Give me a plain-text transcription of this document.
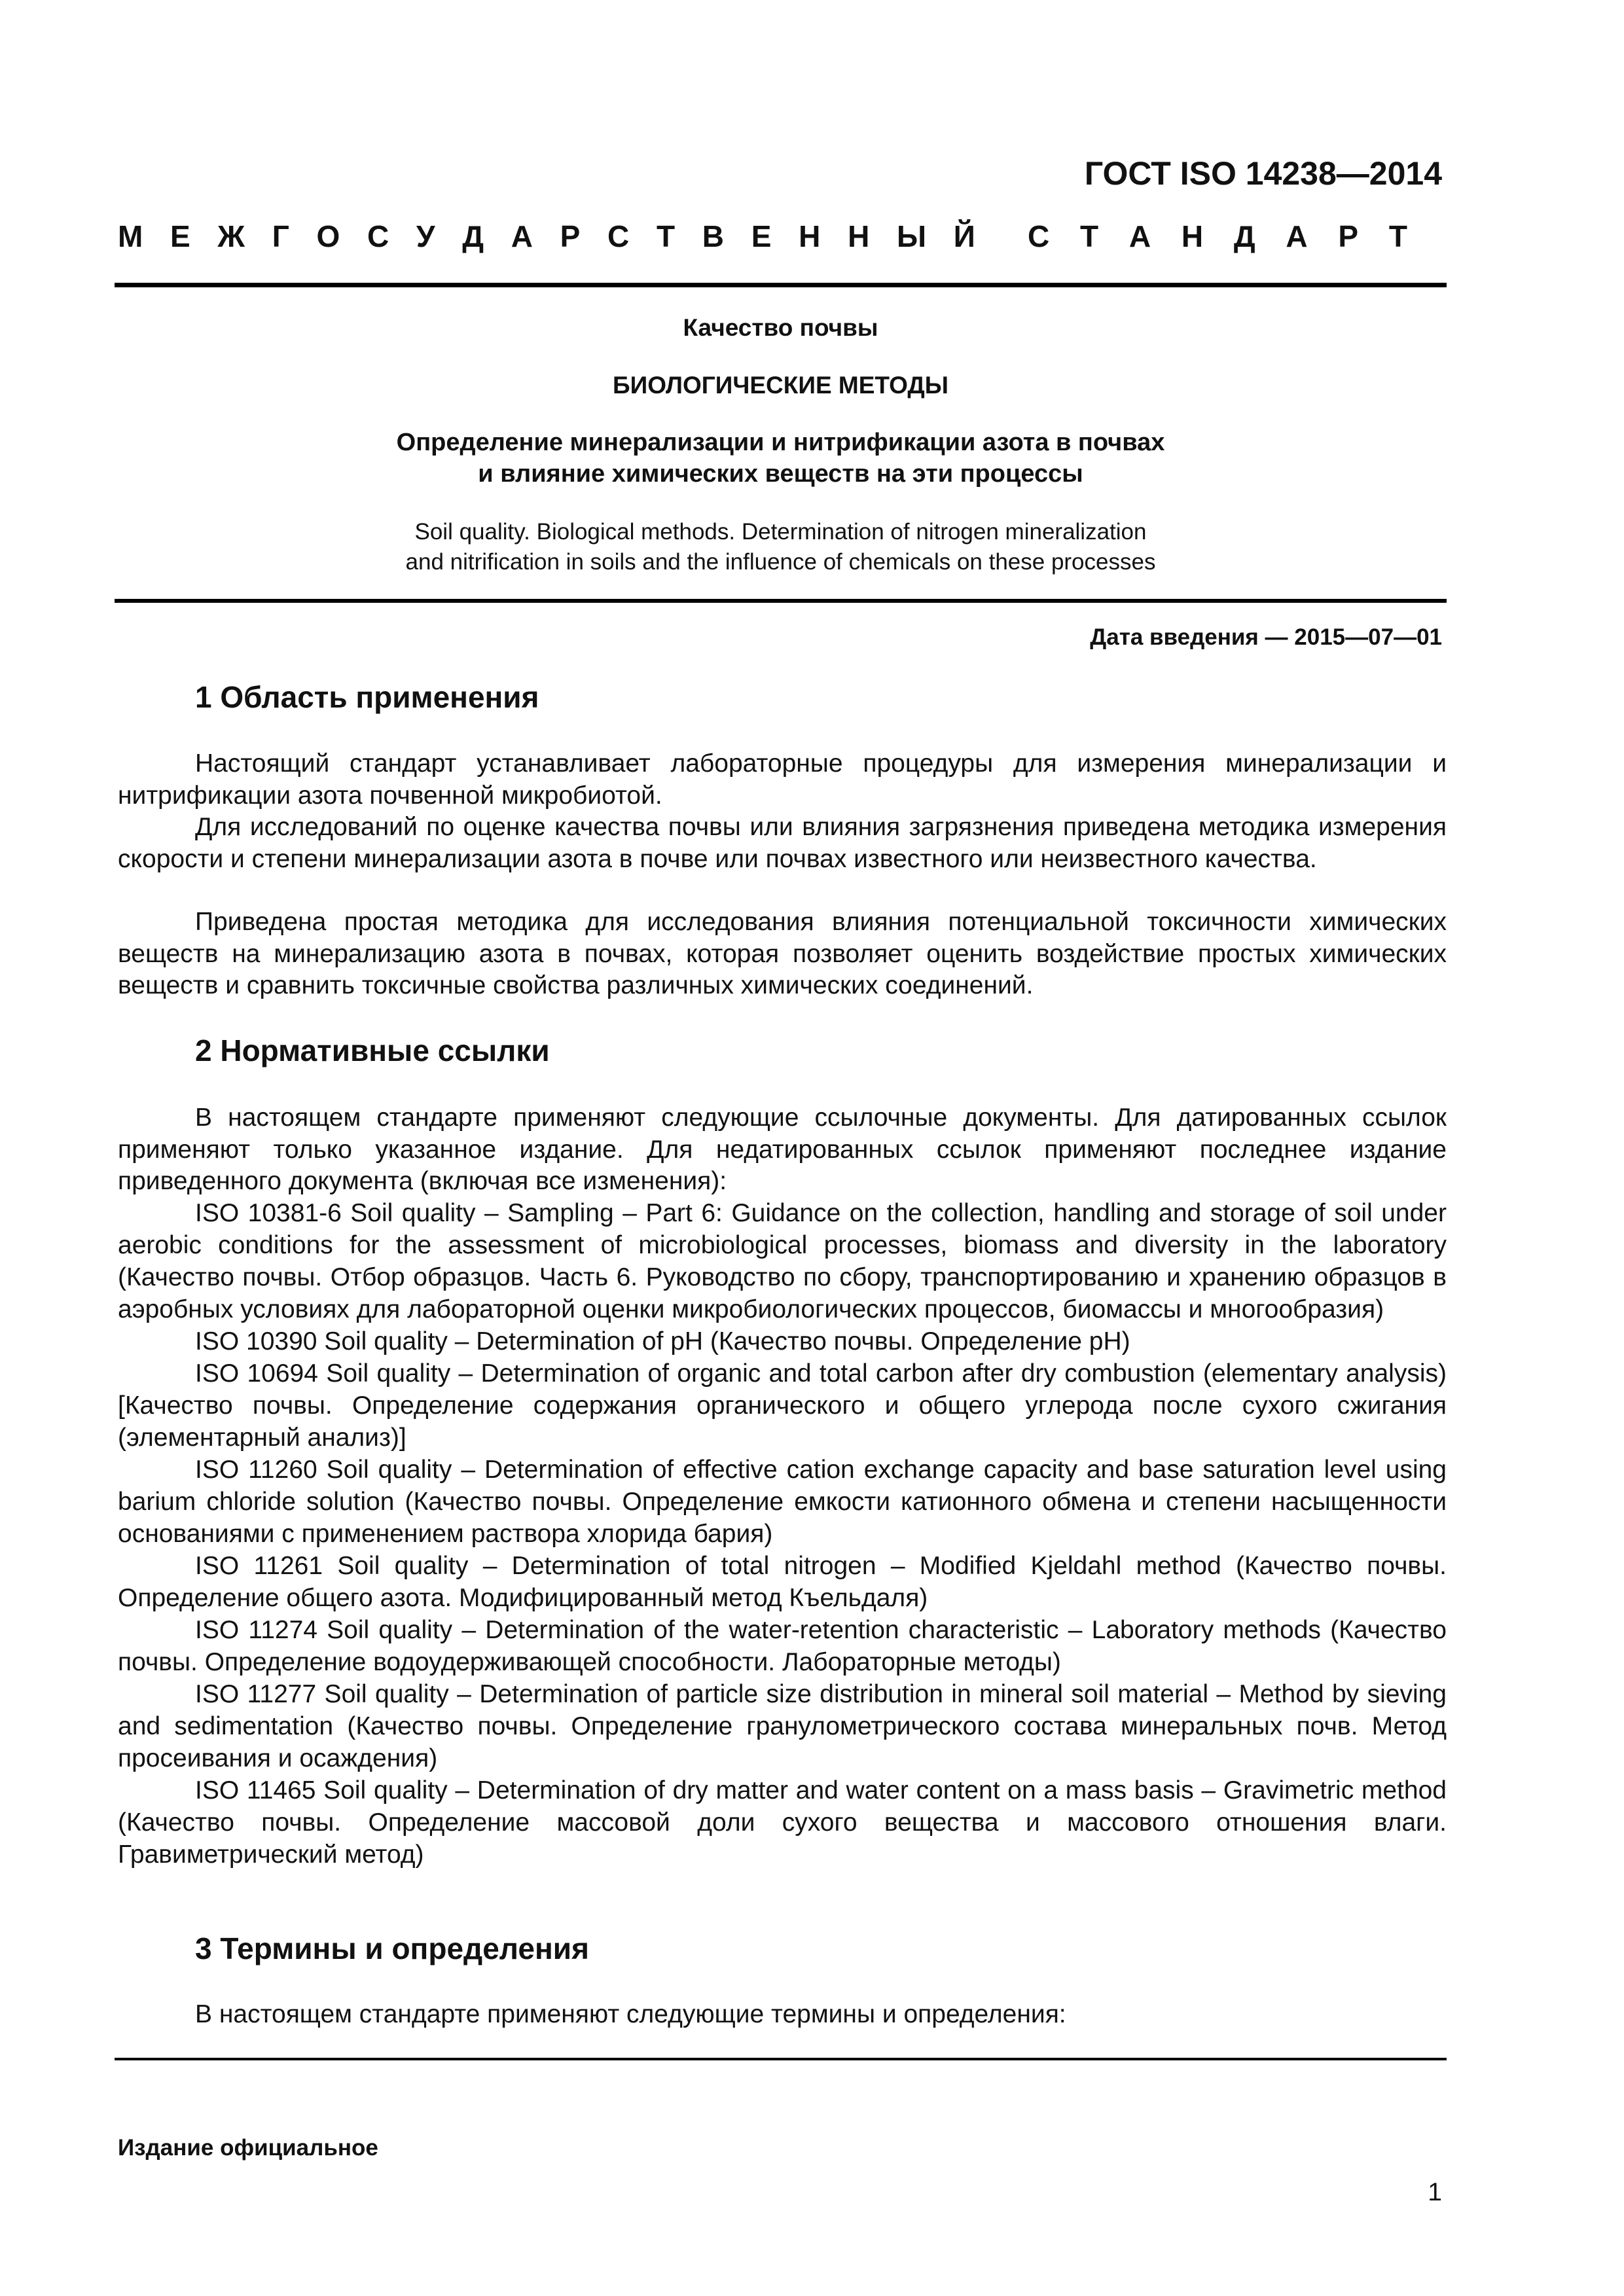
ГОСТ ISO 14238—2014
М Е Ж Г О С У Д А Р С Т В Е Н Н Ы Й С Т А Н Д А Р Т
Качество почвы
БИОЛОГИЧЕСКИЕ МЕТОДЫ
Определение минерализации и нитрификации азота в почвах
и влияние химических веществ на эти процессы
Soil quality. Biological methods. Determination of nitrogen mineralization
and nitrification in soils and the influence of chemicals on these processes
Дата введения — 2015—07—01
1 Область применения

Настоящий стандарт устанавливает лабораторные процедуры для измерения минерализации и нитрификации азота почвенной микробиотой.

Для исследований по оценке качества почвы или влияния загрязнения приведена методика измерения скорости и степени минерализации азота в почве или почвах известного или неизвестного качества.

Приведена простая методика для исследования влияния потенциальной токсичности химических веществ на минерализацию азота в почвах, которая позволяет оценить воздействие простых химических веществ и сравнить токсичные свойства различных химических соединений.

2 Нормативные ссылки

В настоящем стандарте применяют следующие ссылочные документы. Для датированных ссылок применяют только указанное издание. Для недатированных ссылок применяют последнее издание приведенного документа (включая все изменения):

ISO 10381-6 Soil quality – Sampling – Part 6: Guidance on the collection, handling and storage of soil under aerobic conditions for the assessment of microbiological processes, biomass and diversity in the laboratory (Качество почвы. Отбор образцов. Часть 6. Руководство по сбору, транспортированию и хранению образцов в аэробных условиях для лабораторной оценки микробиологических процессов, биомассы и многообразия)

ISO 10390 Soil quality – Determination of pH (Качество почвы. Определение pH)

ISO 10694 Soil quality – Determination of organic and total carbon after dry combustion (elementary analysis) [Качество почвы. Определение содержания органического и общего углерода после сухого сжигания (элементарный анализ)]

ISO 11260 Soil quality – Determination of effective cation exchange capacity and base saturation level using barium chloride solution (Качество почвы. Определение емкости катионного обмена и степени насыщенности основаниями с применением раствора хлорида бария)

ISO 11261 Soil quality – Determination of total nitrogen – Modified Kjeldahl method (Качество почвы. Определение общего азота. Модифицированный метод Къельдаля)

ISO 11274 Soil quality – Determination of the water-retention characteristic – Laboratory methods (Качество почвы. Определение водоудерживающей способности. Лабораторные методы)

ISO 11277 Soil quality – Determination of particle size distribution in mineral soil material – Method by sieving and sedimentation (Качество почвы. Определение гранулометрического состава минеральных почв. Метод просеивания и осаждения)

ISO 11465 Soil quality – Determination of dry matter and water content on a mass basis – Gravimetric method (Качество почвы. Определение массовой доли сухого вещества и массового отношения влаги. Гравиметрический метод)

3 Термины и определения

В настоящем стандарте применяют следующие термины и определения:

Издание официальное
1
